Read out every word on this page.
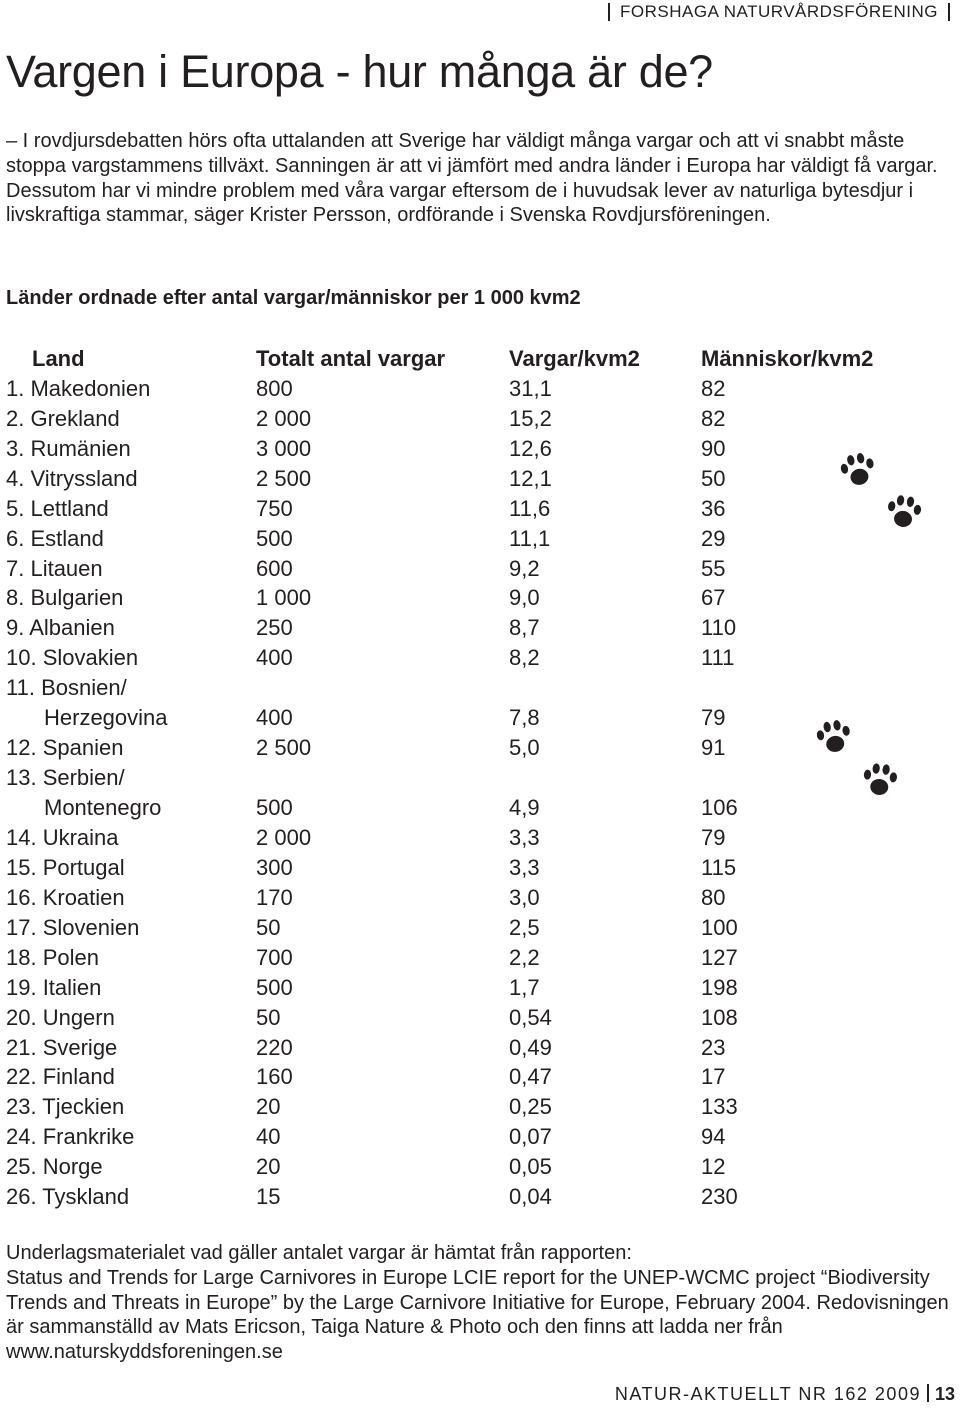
FORSHAGA NATURVÅRDSFÖRENING
Vargen i Europa - hur många är de?

– I rovdjursdebatten hörs ofta uttalanden att Sverige har väldigt många vargar och att vi snabbt måste stoppa vargstammens tillväxt. Sanningen är att vi jämfört med andra länder i Europa har väldigt få vargar. Dessutom har vi mindre problem med våra vargar eftersom de i huvudsak lever av naturliga bytesdjur i livskraftiga stammar, säger Krister Persson, ordförande i Svenska Rovdjursföreningen.

Länder ordnade efter antal vargar/människor per 1 000 kvm2
Land	Totalt antal vargar	Vargar/kvm2	Människor/kvm2
1. Makedonien	800	31,1	82
2. Grekland	2 000	15,2	82
3. Rumänien	3 000	12,6	90
4. Vitryssland	2 500	12,1	50
5. Lettland	750	11,6	36
6. Estland	500	11,1	29
7. Litauen	600	9,2	55
8. Bulgarien	1 000	9,0	67
9. Albanien	250	8,7	110
10. Slovakien	400	8,2	111
11. Bosnien/			
Herzegovina	400	7,8	79
12. Spanien	2 500	5,0	91
13. Serbien/			
Montenegro	500	4,9	106
14. Ukraina	2 000	3,3	79
15. Portugal	300	3,3	115
16. Kroatien	170	3,0	80
17. Slovenien	50	2,5	100
18. Polen	700	2,2	127
19. Italien	500	1,7	198
20. Ungern	50	0,54	108
21. Sverige	220	0,49	23
22. Finland	160	0,47	17
23. Tjeckien	20	0,25	133
24. Frankrike	40	0,07	94
25. Norge	20	0,05	12
26. Tyskland	15	0,04	230

Underlagsmaterialet vad gäller antalet vargar är hämtat från rapporten:
Status and Trends for Large Carnivores in Europe LCIE report for the UNEP-WCMC project “Biodiversity Trends and Threats in Europe” by the Large Carnivore Initiative for Europe, February 2004. Redovisningen är sammanställd av Mats Ericson, Taiga Nature & Photo och den finns att ladda ner från www.naturskyddsforeningen.se

NATUR-AKTUELLT NR 162 2009 13
